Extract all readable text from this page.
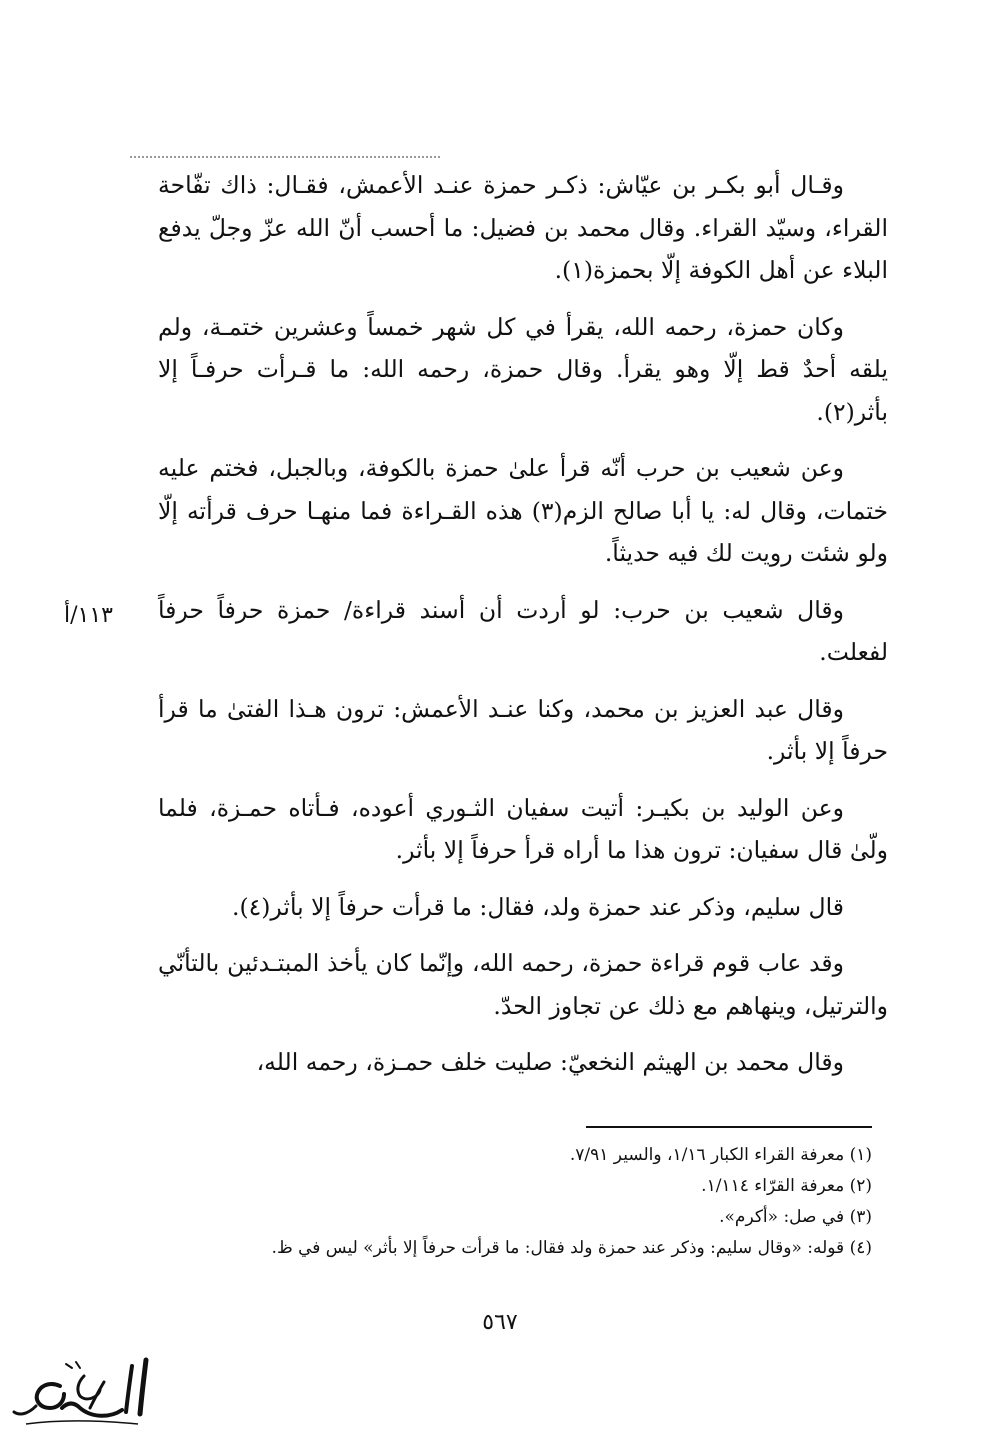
وقـال أبو بكـر بن عيّاش: ذكـر حمزة عنـد الأعمش، فقـال: ذاك تفّاحة القراء، وسيّد القراء. وقال محمد بن فضيل: ما أحسب أنّ الله عزّ وجلّ يدفع البلاء عن أهل الكوفة إلّا بحمزة(١).

وكان حمزة، رحمه الله، يقرأ في كل شهر خمساً وعشرين ختمـة، ولم يلقه أحدٌ قط إلّا وهو يقرأ. وقال حمزة، رحمه الله: ما قـرأت حرفـاً إلا بأثر(٢).

وعن شعيب بن حرب أنّه قرأ علىٰ حمزة بالكوفة، وبالجبل، فختم عليه ختمات، وقال له: يا أبا صالح الزم(٣) هذه القـراءة فما منهـا حرف قرأته إلّا ولو شئت رويت لك فيه حديثاً.

وقال شعيب بن حرب: لو أردت أن أسند قراءة/ حمزة حرفاً حرفاً لفعلت.

وقال عبد العزيز بن محمد، وكنا عنـد الأعمش: ترون هـذا الفتىٰ ما قرأ حرفاً إلا بأثر.

وعن الوليد بن بكيـر: أتيت سفيان الثـوري أعوده، فـأتاه حمـزة، فلما ولّىٰ قال سفيان: ترون هذا ما أراه قرأ حرفاً إلا بأثر.

قال سليم، وذكر عند حمزة ولد، فقال: ما قرأت حرفاً إلا بأثر(٤).

وقد عاب قوم قراءة حمزة، رحمه الله، وإنّما كان يأخذ المبتـدئين بالتأنّي والترتيل، وينهاهم مع ذلك عن تجاوز الحدّ.

وقال محمد بن الهيثم النخعيّ: صليت خلف حمـزة، رحمه الله،

١١٣/أ

(١) معرفة القراء الكبار ١/١٦، والسير ٧/٩١.

(٢) معرفة القرّاء ١/١١٤.

(٣) في صل: «أكرم».

(٤) قوله: «وقال سليم: وذكر عند حمزة ولد فقال: ما قرأت حرفاً إلا بأثر» ليس في ظ.

٥٦٧
